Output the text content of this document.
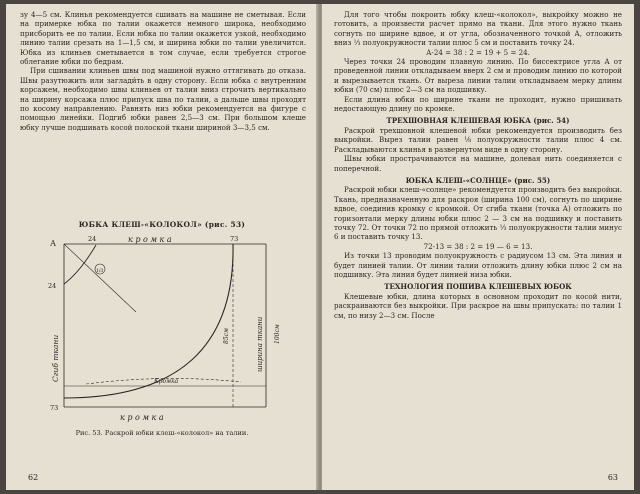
зу 4—5 см. Клинья рекомендуется сшивать на машине не сметывая. Если на примерке юбка по талии окажется немного широка, необходимо присборить ее по талии. Если юбка по талии окажется узкой, необходимо линию талии срезать на 1—1,5 см, и ширина юбки по талии увеличится. Юбка из клиньев сметывается в том случае, если требуется строгое облегание юбки по бедрам.

При сшивании клиньев швы под машиной нужно оттягивать до отказа. Швы разутюжить или заглади́ть в одну сторону. Если юбка с внутренним корсажем, необходимо швы клиньев от талии вниз строчить вертикально на ширину корсажа плюс припуск шва по талии, а дальше швы проходят по косому направлению. Равнять низ юбки рекомендуется на фигуре с помощью линейки. Подгиб юбки равен 2,5—3 см. При большом клеше юбку лучше подшивать косой полоской ткани шириной 3—3,5 см.

ЮБКА КЛЕШ-«КОЛОКОЛ» (рис. 53)
А	24
24
73
73
1/3
к р о м к а
к р о м к а
Кромка
Сгиб ткани	ширина ткани
85см	100см
Рис. 53. Раскрой юбки клеш-«колокол» на талии.
62

Для того чтобы покроить юбку клеш-«колокол», выкройку можно не готовить, а произвести расчет прямо на ткани. Для этого нужно ткань согнуть по ширине вдвое, и от угла, обозначенного точкой А, отложить вниз ⅓ полуокружности талии плюс 5 см и поставить точку 24.

А-24 = 38 : 2 = 19 + 5 = 24.

Через точки 24 проводим плавную линию. По биссектрисе угла А от проведенной линии откладываем вверх 2 см и проводим линию по которой и вырезывается ткань. От выреза линии талии откладываем мерку длины юбки (70 см) плюс 2—3 см на подшивку.

Если длина юбки по ширине ткани не проходит, нужно пришивать недостающую длину по кромке.

ТРЕХШОВНАЯ КЛЕШЕВАЯ ЮБКА (рис. 54)

Раскрой трехшовной клешевой юбки рекомендуется производить без выкройки. Вырез талии равен ⅛ полуокружности талии плюс 4 см. Раскладываются клинья в развернутом виде в одну сторону.

Швы юбки прострачиваются на машине, долевая нить соединяется с поперечной.

ЮБКА КЛЕШ-«СОЛНЦЕ» (рис. 55)

Раскрой юбки клеш-«солнце» рекомендуется производить без выкройки. Ткань, предназначенную для раскроя (ширина 100 см), согнуть по ширине вдвое, соединив кромку с кромкой. От сгиба ткани (точка А) отложить по горизонтали мерку длины юбки плюс 2 — 3 см на подшивку и поставить точку 72. От точки 72 по прямой отложить ⅓ полуокружности талии минус 6 и поставить точку 13.

72-13 = 38 : 2 = 19 — 6 = 13.

Из точки 13 проводим полуокружность с радиусом 13 см. Эта линия и будет линией талии. От линии талии отложить длину юбки плюс 2 см на подшивку. Эта линия будет линией низа юбки.

ТЕХНОЛОГИЯ ПОШИВА КЛЕШЕВЫХ ЮБОК

Клешевые юбки, длина которых в основном проходит по косой нити, раскраиваются без выкройки. При раскрое на швы припускать: по талии 1 см, по низу 2—3 см. После

63
